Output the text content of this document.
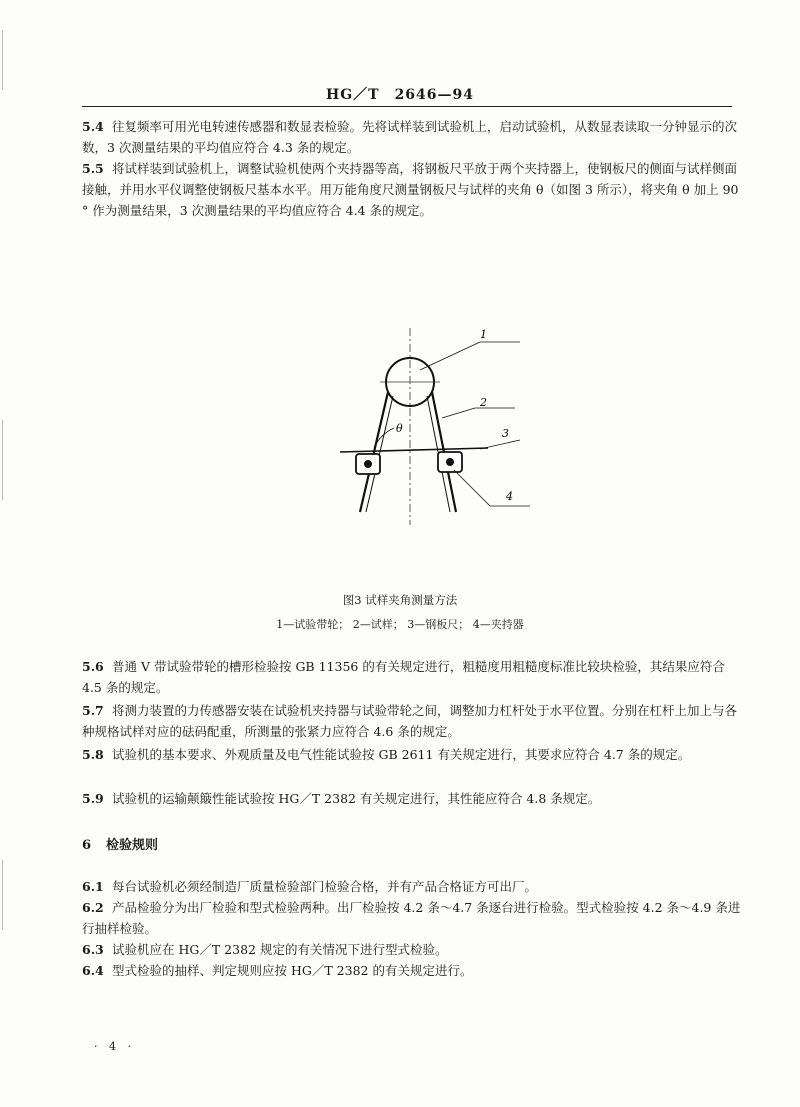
HG／T　2646—94
5.4 往复频率可用光电转速传感器和数显表检验。先将试样装到试验机上，启动试验机，从数显表读取一分钟显示的次数，3 次测量结果的平均值应符合 4.3 条的规定。
5.5 将试样装到试验机上，调整试验机使两个夹持器等高，将钢板尺平放于两个夹持器上，使钢板尺的侧面与试样侧面接触，并用水平仪调整使钢板尺基本水平。用万能角度尺测量钢板尺与试样的夹角 θ（如图 3 所示），将夹角 θ 加上 90 ° 作为测量结果，3 次测量结果的平均值应符合 4.4 条的规定。
θ
1
2
3
4
图3 试样夹角测量方法
1—试验带轮； 2—试样； 3—钢板尺； 4—夹持器
5.6 普通 V 带试验带轮的槽形检验按 GB 11356 的有关规定进行，粗糙度用粗糙度标准比较块检验，其结果应符合 4.5 条的规定。
5.7 将测力装置的力传感器安装在试验机夹持器与试验带轮之间，调整加力杠杆处于水平位置。分别在杠杆上加上与各种规格试样对应的砝码配重，所测量的张紧力应符合 4.6 条的规定。
5.8 试验机的基本要求、外观质量及电气性能试验按 GB 2611 有关规定进行，其要求应符合 4.7 条的规定。
5.9 试验机的运输颠簸性能试验按 HG／T 2382 有关规定进行，其性能应符合 4.8 条规定。
6 检验规则
6.1 每台试验机必须经制造厂质量检验部门检验合格，并有产品合格证方可出厂。
6.2 产品检验分为出厂检验和型式检验两种。出厂检验按 4.2 条～4.7 条逐台进行检验。型式检验按 4.2 条～4.9 条进行抽样检验。
6.3 试验机应在 HG／T 2382 规定的有关情况下进行型式检验。
6.4 型式检验的抽样、判定规则应按 HG／T 2382 的有关规定进行。
· 4 ·
